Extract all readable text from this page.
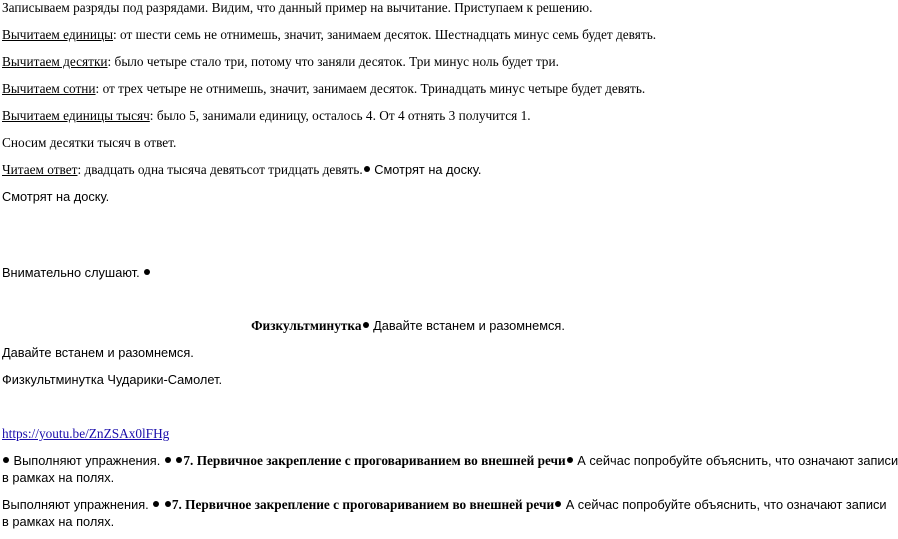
Записываем разряды под разрядами. Видим, что данный пример на вычитание. Приступаем к решению.
Вычитаем единицы: от шести семь не отнимешь, значит, занимаем десяток. Шестнадцать минус семь будет девять.
Вычитаем десятки: было четыре стало три, потому что заняли десяток. Три минус ноль будет три.
Вычитаем сотни: от трех четыре не отнимешь, значит, занимаем десяток. Тринадцать минус четыре будет девять.
Вычитаем единицы тысяч: было 5, занимали единицу, осталось 4. От 4 отнять 3 получится 1.
Сносим десятки тысяч в ответ.
Читаем ответ: двадцать одна тысяча девятьсот тридцать девять. Смотрят на доску.
Смотрят на доску.
Внимательно слушают.
Физкультминутка Давайте встанем и разомнемся.
Давайте встанем и разомнемся.
Физкультминутка Чударики-Самолет.
https://youtu.be/ZnZSAx0lFHg
Выполняют упражнения. 7. Первичное закрепление с проговариванием во внешней речи А сейчас попробуйте объяснить, что означают записи
в рамках на полях.
Выполняют упражнения. 7. Первичное закрепление с проговариванием во внешней речи А сейчас попробуйте объяснить, что означают записи
в рамках на полях.
